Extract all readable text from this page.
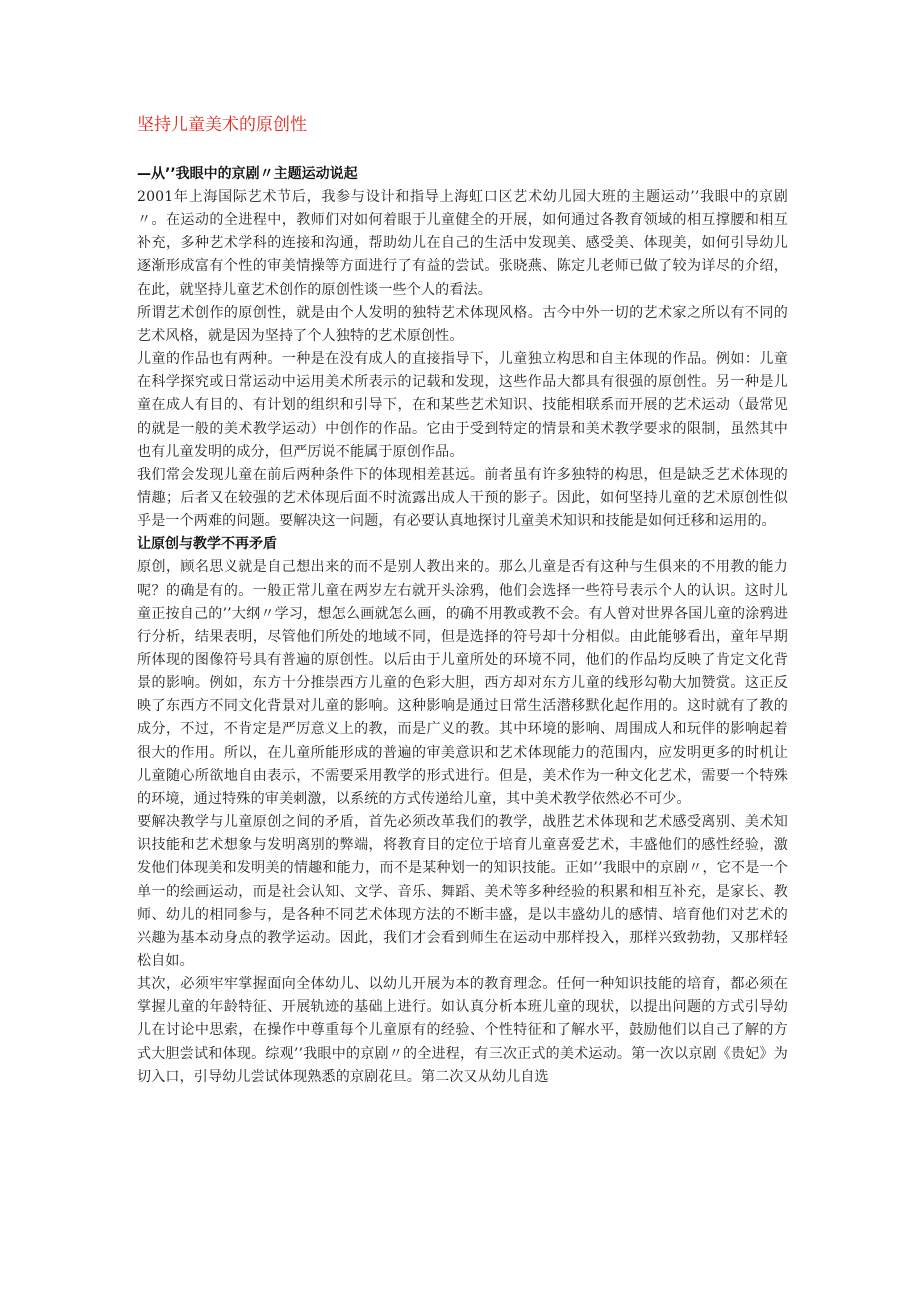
坚持儿童美术的原创性

—从’’我眼中的京剧〃主题运动说起

2001年上海国际艺术节后，我参与设计和指导上海虹口区艺术幼儿园大班的主题运动’’我眼中的京剧〃。在运动的全进程中，教师们对如何着眼于儿童健全的开展，如何通过各教育领域的相互撑腰和相互补充，多种艺术学科的连接和沟通，帮助幼儿在自己的生活中发现美、感受美、体现美，如何引导幼儿逐渐形成富有个性的审美情操等方面进行了有益的尝试。张晓燕、陈定儿老师已做了较为详尽的介绍，在此，就坚持儿童艺术创作的原创性谈一些个人的看法。

所谓艺术创作的原创性，就是由个人发明的独特艺术体现风格。古今中外一切的艺术家之所以有不同的艺术风格，就是因为坚持了个人独特的艺术原创性。

儿童的作品也有两种。一种是在没有成人的直接指导下，儿童独立构思和自主体现的作品。例如：儿童在科学探究或日常运动中运用美术所表示的记载和发现，这些作品大都具有很强的原创性。另一种是儿童在成人有目的、有计划的组织和引导下，在和某些艺术知识、技能相联系而开展的艺术运动（最常见的就是一般的美术教学运动）中创作的作品。它由于受到特定的情景和美术教学要求的限制，虽然其中也有儿童发明的成分，但严厉说不能属于原创作品。

我们常会发现儿童在前后两种条件下的体现相差甚远。前者虽有许多独特的构思，但是缺乏艺术体现的情趣；后者又在较强的艺术体现后面不时流露出成人干预的影子。因此，如何坚持儿童的艺术原创性似乎是一个两难的问题。要解决这一问题，有必要认真地探讨儿童美术知识和技能是如何迁移和运用的。

让原创与教学不再矛盾

原创，顾名思义就是自己想出来的而不是别人教出来的。那么儿童是否有这种与生俱来的不用教的能力呢？的确是有的。一般正常儿童在两岁左右就开头涂鸦，他们会选择一些符号表示个人的认识。这时儿童正按自己的’’大纲〃学习，想怎么画就怎么画，的确不用教或教不会。有人曾对世界各国儿童的涂鸦进行分析，结果表明，尽管他们所处的地域不同，但是选择的符号却十分相似。由此能够看出，童年早期所体现的图像符号具有普遍的原创性。以后由于儿童所处的环境不同，他们的作品均反映了肯定文化背景的影响。例如，东方十分推崇西方儿童的色彩大胆，西方却对东方儿童的线形勾勒大加赞赏。这正反映了东西方不同文化背景对儿童的影响。这种影响是通过日常生活潜移默化起作用的。这时就有了教的成分，不过，不肯定是严厉意义上的教，而是广义的教。其中环境的影响、周围成人和玩伴的影响起着很大的作用。所以，在儿童所能形成的普遍的审美意识和艺术体现能力的范围内，应发明更多的时机让儿童随心所欲地自由表示，不需要采用教学的形式进行。但是，美术作为一种文化艺术，需要一个特殊的环境，通过特殊的审美刺激，以系统的方式传递给儿童，其中美术教学依然必不可少。

要解决教学与儿童原创之间的矛盾，首先必须改革我们的教学，战胜艺术体现和艺术感受离别、美术知识技能和艺术想象与发明离别的弊端，将教育目的定位于培育儿童喜爱艺术，丰盛他们的感性经验，激发他们体现美和发明美的情趣和能力，而不是某种划一的知识技能。正如’’我眼中的京剧〃，它不是一个单一的绘画运动，而是社会认知、文学、音乐、舞蹈、美术等多种经验的积累和相互补充，是家长、教师、幼儿的相同参与，是各种不同艺术体现方法的不断丰盛，是以丰盛幼儿的感情、培育他们对艺术的兴趣为基本动身点的教学运动。因此，我们才会看到师生在运动中那样投入，那样兴致勃勃，又那样轻松自如。

其次，必须牢牢掌握面向全体幼儿、以幼儿开展为本的教育理念。任何一种知识技能的培育，都必须在掌握儿童的年龄特征、开展轨迹的基础上进行。如认真分析本班儿童的现状，以提出问题的方式引导幼儿在讨论中思索，在操作中尊重每个儿童原有的经验、个性特征和了解水平，鼓励他们以自己了解的方式大胆尝试和体现。综观’’我眼中的京剧〃的全进程，有三次正式的美术运动。第一次以京剧《贵妃》为切入口，引导幼儿尝试体现熟悉的京剧花旦。第二次又从幼儿自选
